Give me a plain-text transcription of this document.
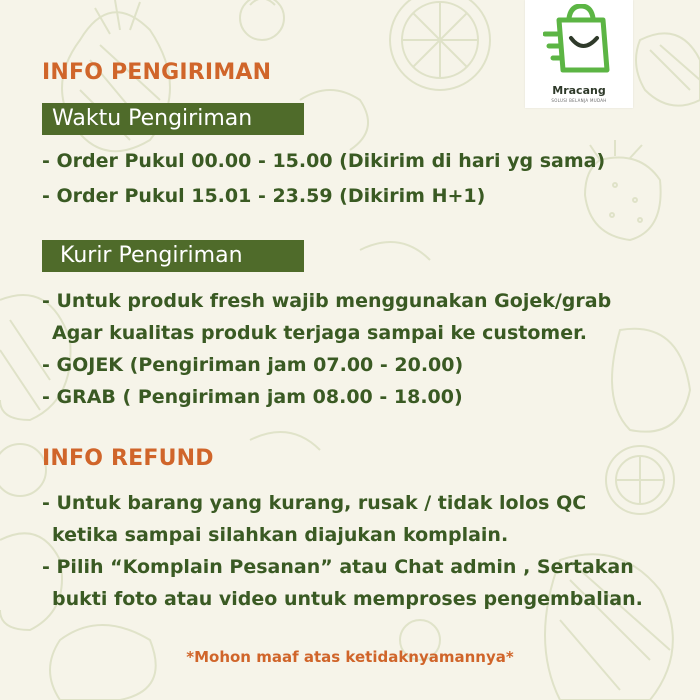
Mracang
SOLUSI BELANJA MUDAH
INFO PENGIRIMAN
Waktu Pengiriman

- Order Pukul 00.00 - 15.00 (Dikirim di hari yg sama)

- Order Pukul 15.01 - 23.59 (Dikirim H+1)

Kurir Pengiriman

- Untuk produk fresh wajib menggunakan Gojek/grab

Agar kualitas produk terjaga sampai ke customer.

- GOJEK (Pengiriman jam 07.00 - 20.00)

- GRAB ( Pengiriman jam 08.00 - 18.00)

INFO REFUND

- Untuk barang yang kurang, rusak / tidak lolos QC

ketika sampai silahkan diajukan komplain.

- Pilih “Komplain Pesanan” atau Chat admin , Sertakan

bukti foto atau video untuk memproses pengembalian.

*Mohon maaf atas ketidaknyamannya*
